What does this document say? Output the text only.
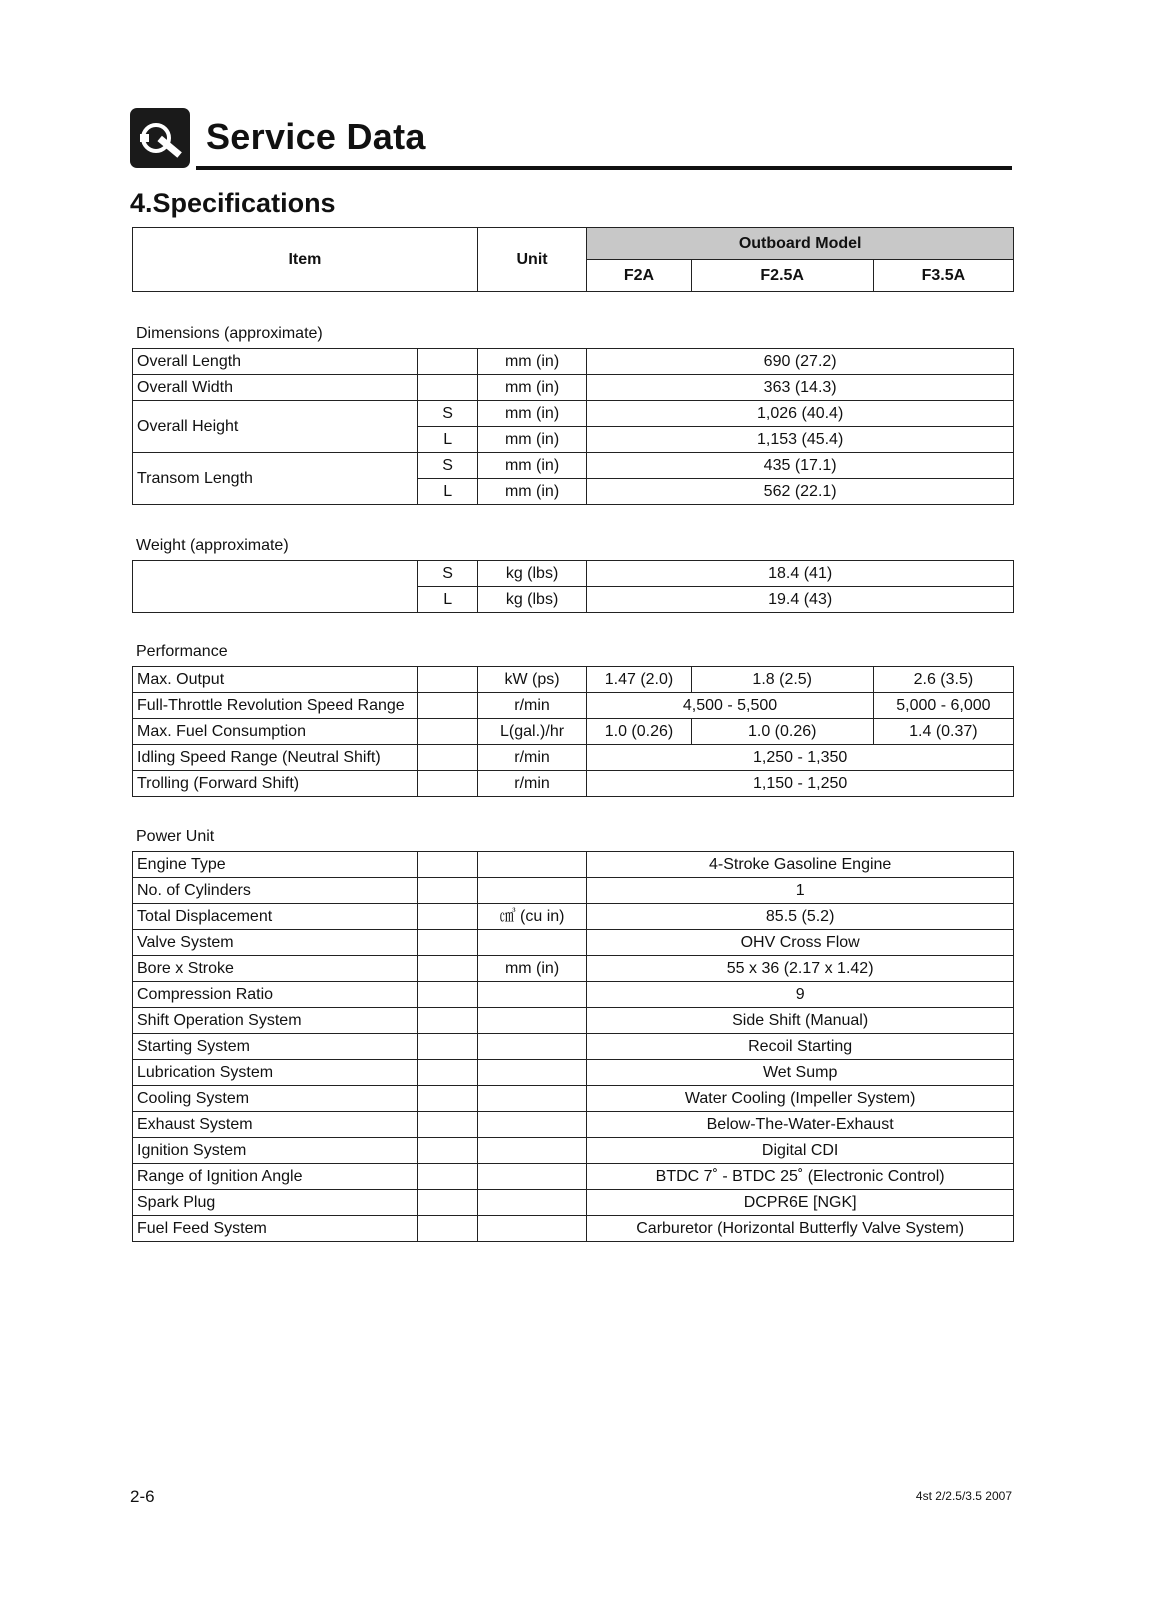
Service Data
4.Specifications
Item	Unit	Outboard Model		
		F2A	F2.5A	F3.5A
Dimensions (approximate)
Overall Length		mm (in)	690 (27.2)
Overall Width		mm (in)	363 (14.3)
Overall Height	S	mm (in)	1,026 (40.4)
	L	mm (in)	1,153 (45.4)
Transom Length	S	mm (in)	435 (17.1)
	L	mm (in)	562 (22.1)
Weight (approximate)
	S	kg (lbs)	18.4 (41)
	L	kg (lbs)	19.4 (43)
Performance
Max. Output		kW (ps)	1.47 (2.0)	1.8 (2.5)	2.6 (3.5)
Full-Throttle Revolution Speed Range		r/min	4,500 - 5,500		5,000 - 6,000
Max. Fuel Consumption		L(gal.)/hr	1.0 (0.26)	1.0 (0.26)	1.4 (0.37)
Idling Speed Range (Neutral Shift)		r/min	1,250 - 1,350		
Trolling (Forward Shift)		r/min	1,150 - 1,250		
Power Unit
Engine Type			4-Stroke Gasoline Engine
No. of Cylinders			1
Total Displacement		㎤ (cu in)	85.5 (5.2)
Valve System			OHV Cross Flow
Bore x Stroke		mm (in)	55 x 36 (2.17 x 1.42)
Compression Ratio			9
Shift Operation System			Side Shift (Manual)
Starting System			Recoil Starting
Lubrication System			Wet Sump
Cooling System			Water Cooling (Impeller System)
Exhaust System			Below-The-Water-Exhaust
Ignition System			Digital CDI
Range of Ignition Angle			BTDC 7˚ - BTDC 25˚ (Electronic Control)
Spark Plug			DCPR6E [NGK]
Fuel Feed System			Carburetor (Horizontal Butterfly Valve System)
2-6	4st 2/2.5/3.5 2007
